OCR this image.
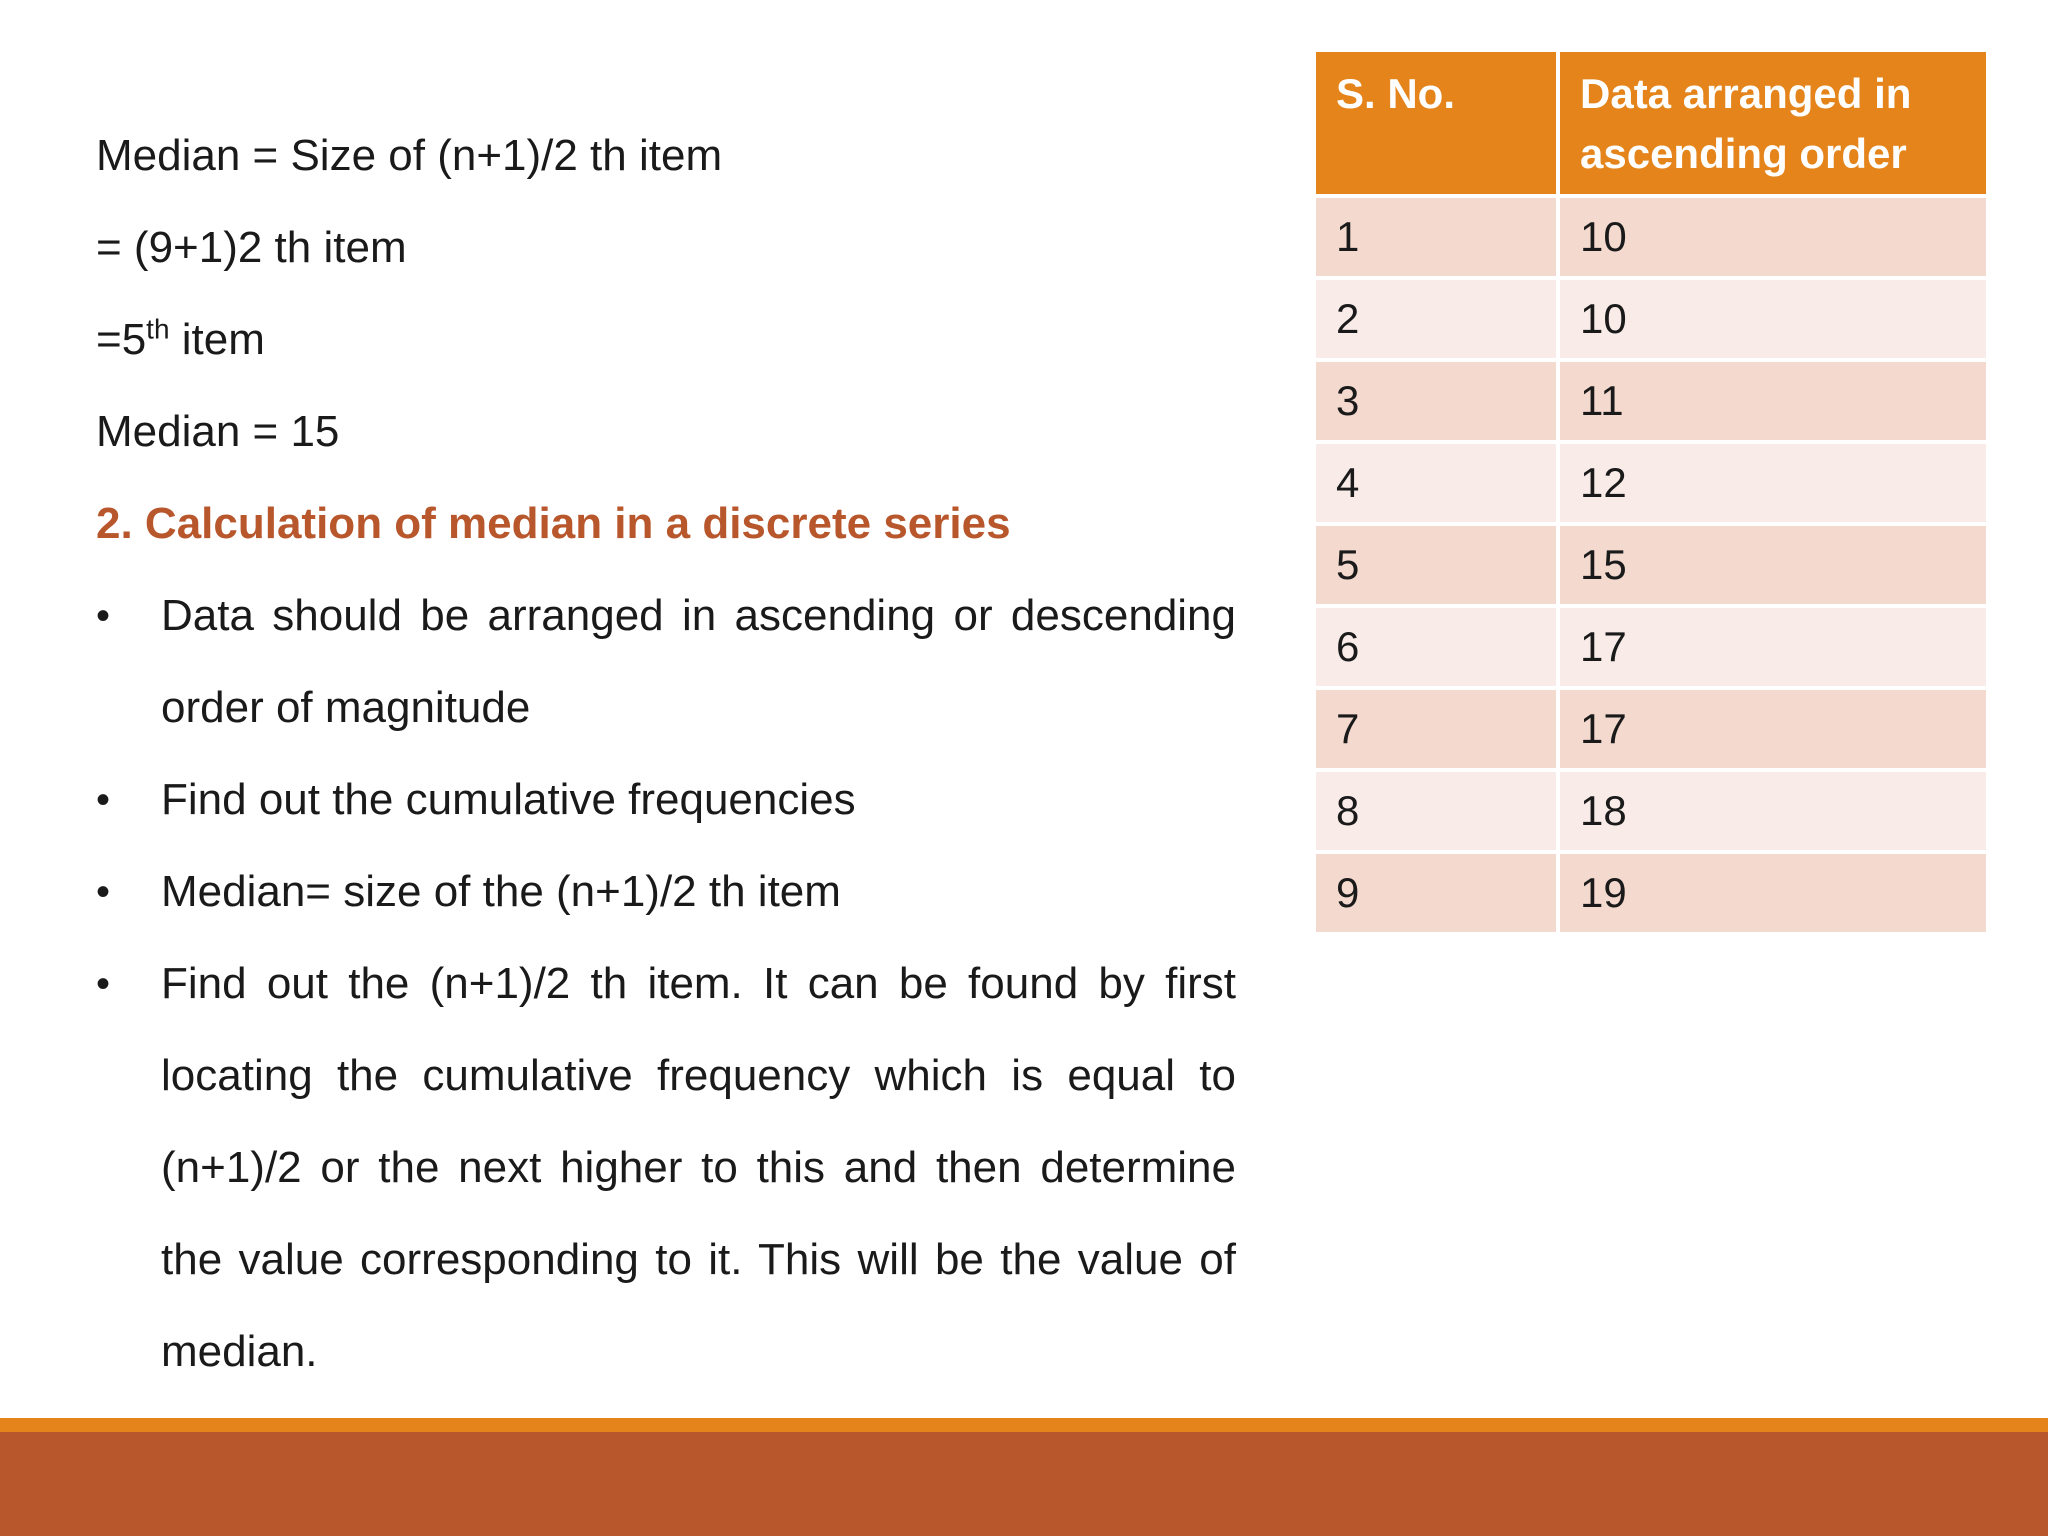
Median = Size of (n+1)/2 th item

= (9+1)2 th item

=5th item

Median = 15

2. Calculation of median in a discrete series

• Data should be arranged in ascending or descending order of magnitude
• Find out the cumulative frequencies
• Median= size of the (n+1)/2 th item
• Find out the (n+1)/2 th item. It can be found by first locating the cumulative frequency which is equal to (n+1)/2 or the next higher to this and then determine the value corresponding to it. This will be the value of median.
S. No.	Data arranged in ascending order
1	10
2	10
3	11
4	12
5	15
6	17
7	17
8	18
9	19
